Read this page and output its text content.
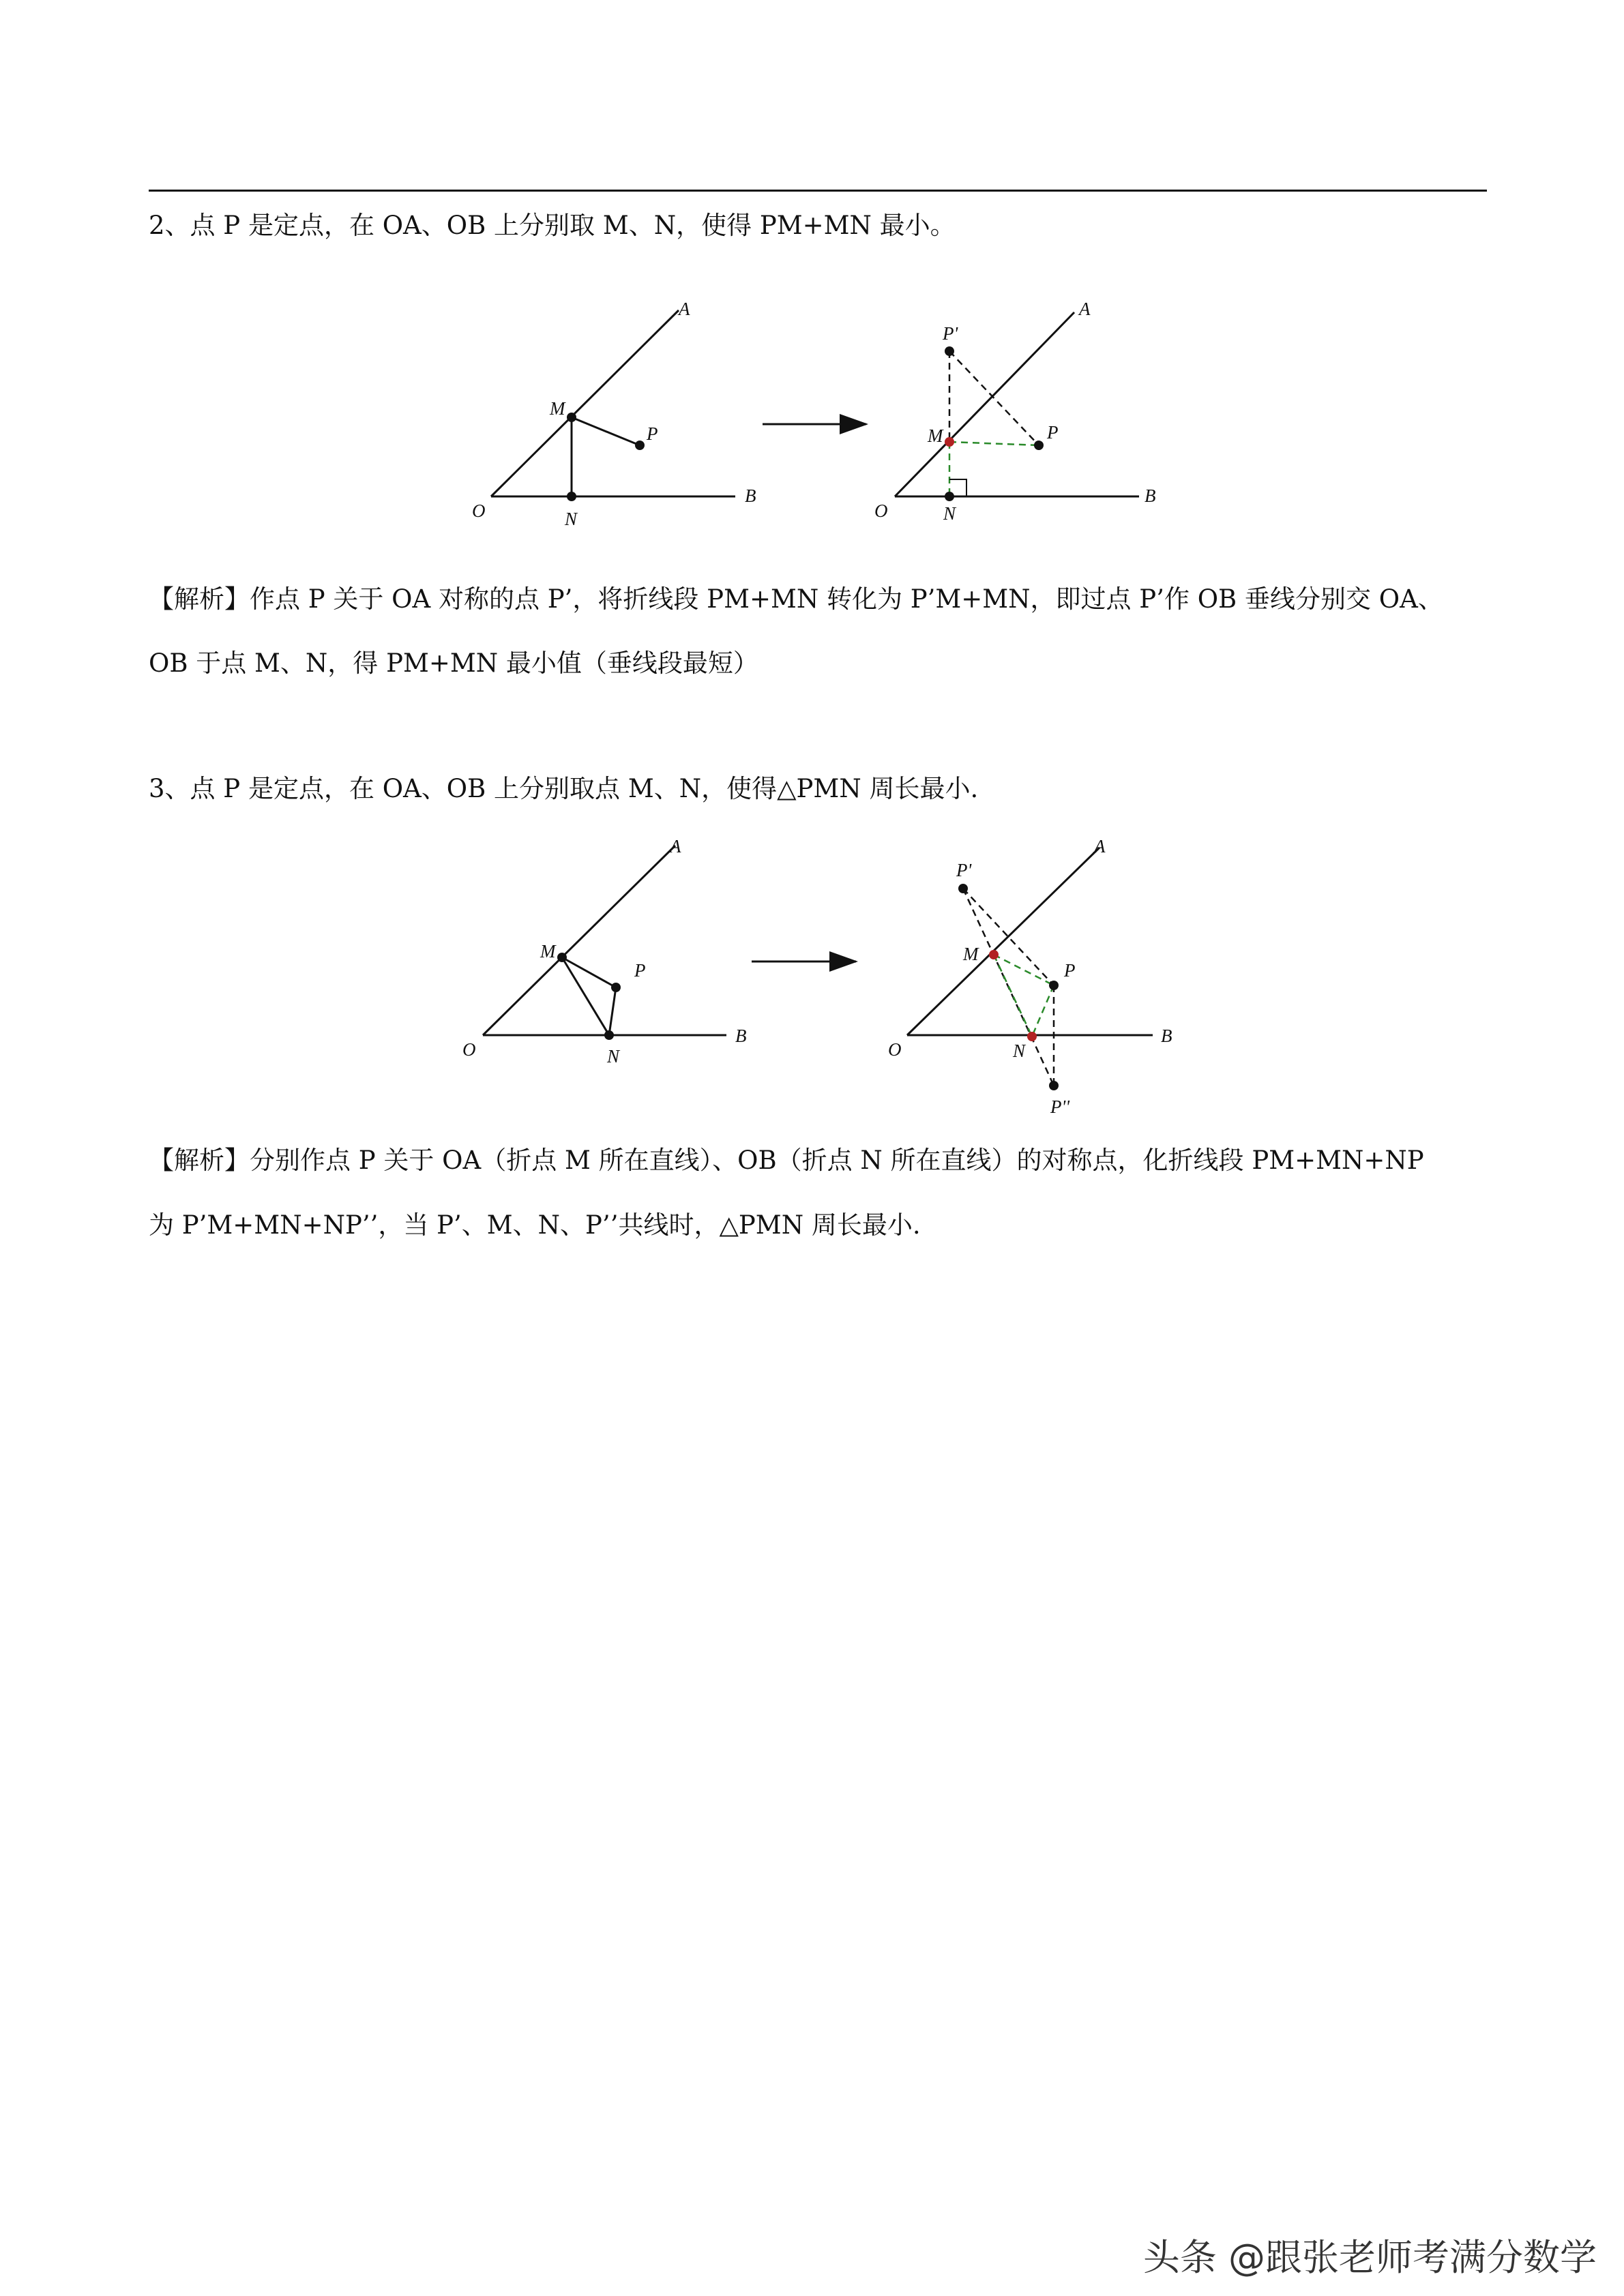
2、点 P 是定点，在 OA、OB 上分别取 M、N，使得 PM+MN 最小。
A
B
O
M
N
P
A
B
O
M
N
P
P'
A
B
O
M
N
P
A
B
O
M
N
P
P'
P''
【解析】作点 P 关于 OA 对称的点 P’，将折线段 PM+MN 转化为 P’M+MN，即过点 P’作 OB 垂线分别交 OA、
OB 于点 M、N，得 PM+MN 最小值（垂线段最短）
3、点 P 是定点，在 OA、OB 上分别取点 M、N，使得△PMN 周长最小.
【解析】分别作点 P 关于 OA（折点 M 所在直线）、OB（折点 N 所在直线）的对称点，化折线段 PM+MN+NP
为 P’M+MN+NP’’，当 P’、M、N、P’’共线时，△PMN 周长最小.
头条 @跟张老师考满分数学
